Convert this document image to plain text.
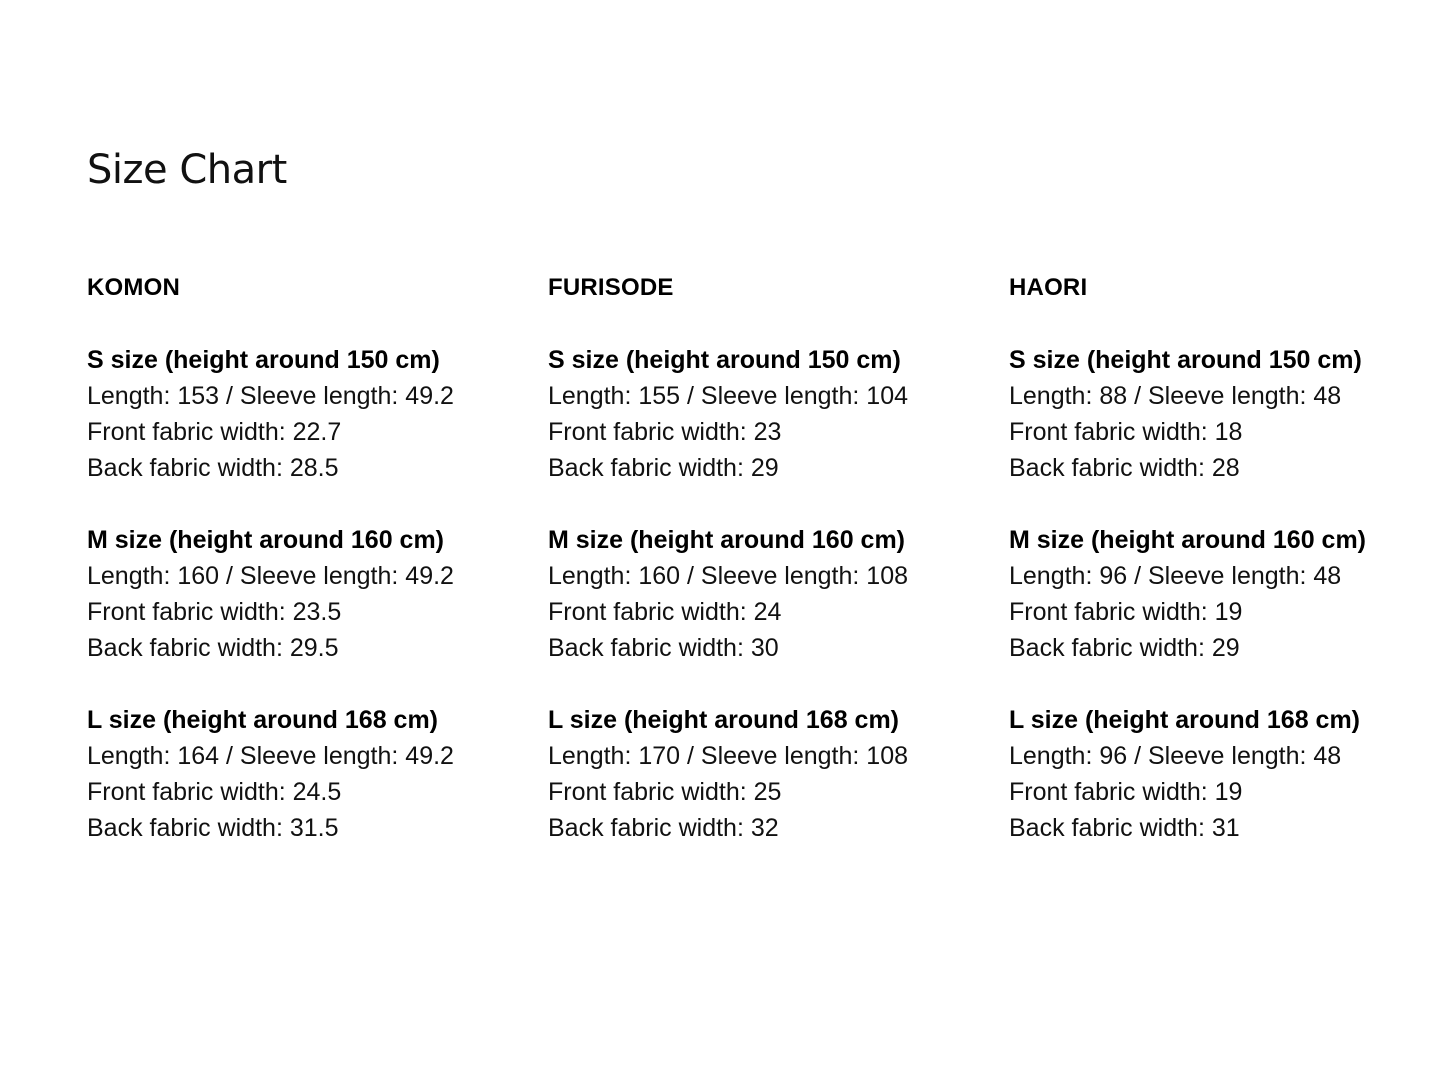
Size Chart
KOMON

S size (height around 150 cm)

Length: 153 / Sleeve length: 49.2

Front fabric width: 22.7

Back fabric width: 28.5

M size (height around 160 cm)

Length: 160 / Sleeve length: 49.2

Front fabric width: 23.5

Back fabric width: 29.5

L size (height around 168 cm)

Length: 164 / Sleeve length: 49.2

Front fabric width: 24.5

Back fabric width: 31.5

FURISODE

S size (height around 150 cm)

Length: 155 / Sleeve length: 104

Front fabric width: 23

Back fabric width: 29

M size (height around 160 cm)

Length: 160 / Sleeve length: 108

Front fabric width: 24

Back fabric width: 30

L size (height around 168 cm)

Length: 170 / Sleeve length: 108

Front fabric width: 25

Back fabric width: 32

HAORI

S size (height around 150 cm)

Length: 88 / Sleeve length: 48

Front fabric width: 18

Back fabric width: 28

M size (height around 160 cm)

Length: 96 / Sleeve length: 48

Front fabric width: 19

Back fabric width: 29

L size (height around 168 cm)

Length: 96 / Sleeve length: 48

Front fabric width: 19

Back fabric width: 31
